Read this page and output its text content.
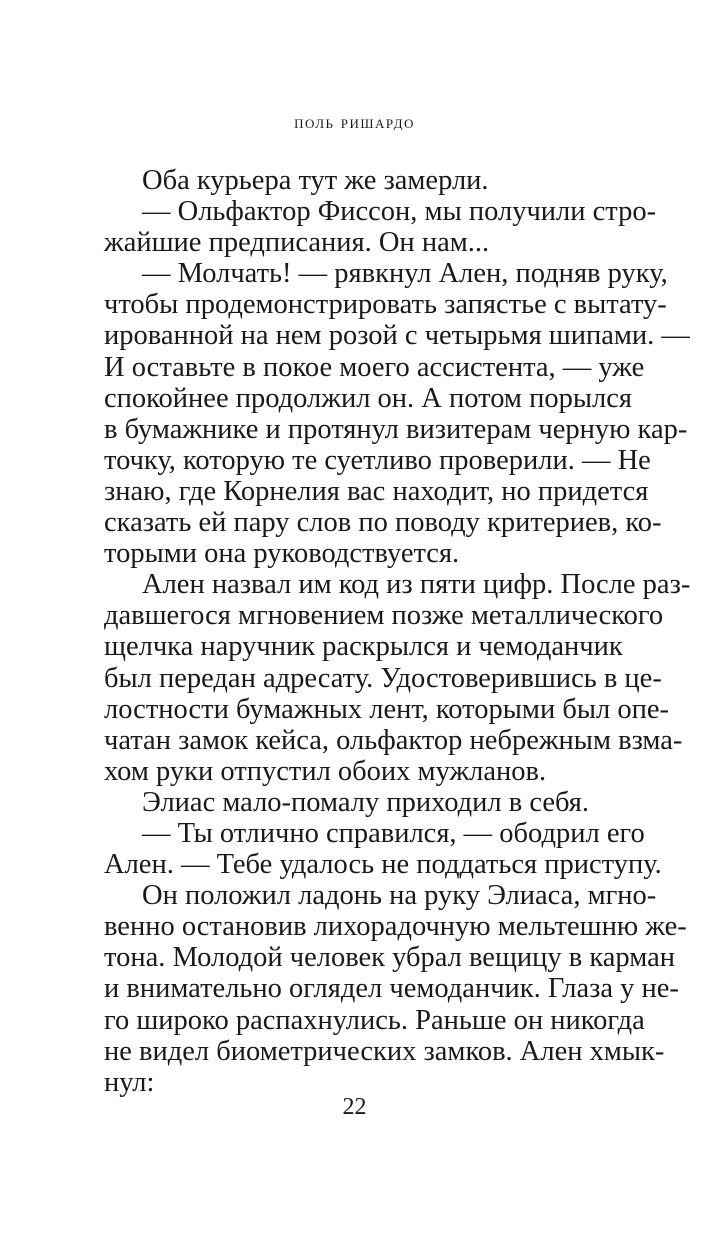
поль ришардо
Оба курьера тут же замерли.
— Ольфактор Фиссон, мы получили стро-
жайшие предписания. Он нам...
— Молчать! — рявкнул Ален, подняв руку,
чтобы продемонстрировать запястье с вытату-
ированной на нем розой с четырьмя шипами. —
И оставьте в покое моего ассистента, — уже
спокойнее продолжил он. А потом порылся
в бумажнике и протянул визитерам черную кар-
точку, которую те суетливо проверили. — Не
знаю, где Корнелия вас находит, но придется
сказать ей пару слов по поводу критериев, ко-
торыми она руководствуется.
Ален назвал им код из пяти цифр. После раз-
давшегося мгновением позже металлического
щелчка наручник раскрылся и чемоданчик
был передан адресату. Удостоверившись в це-
лостности бумажных лент, которыми был опе-
чатан замок кейса, ольфактор небрежным взма-
хом руки отпустил обоих мужланов.
Элиас мало-помалу приходил в себя.
— Ты отлично справился, — ободрил его
Ален. — Тебе удалось не поддаться приступу.
Он положил ладонь на руку Элиаса, мгно-
венно остановив лихорадочную мельтешню же-
тона. Молодой человек убрал вещицу в карман
и внимательно оглядел чемоданчик. Глаза у не-
го широко распахнулись. Раньше он никогда
не видел биометрических замков. Ален хмык-
нул:
22
